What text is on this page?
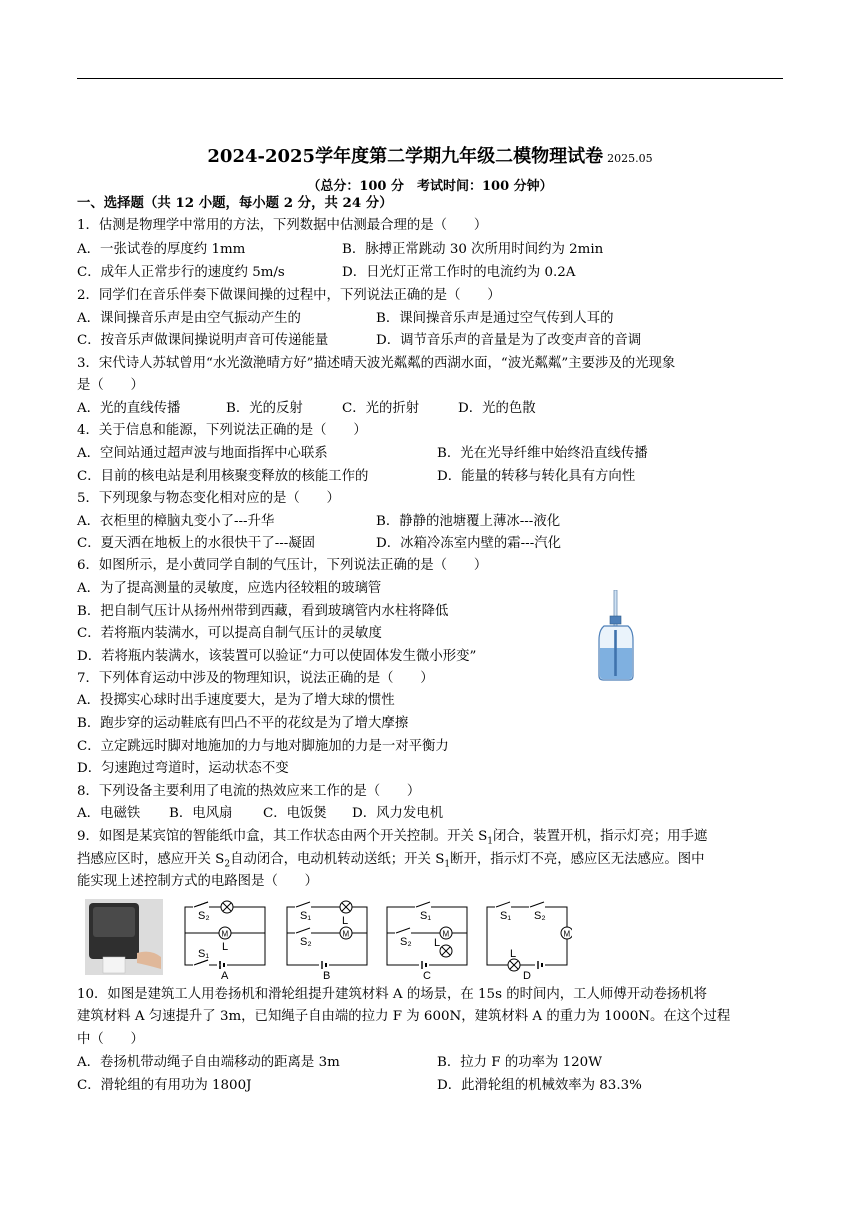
2024-2025学年度第二学期九年级二模物理试卷 2025.05
（总分：100 分　考试时间：100 分钟）
一、选择题（共 12 小题，每小题 2 分，共 24 分）
1．估测是物理学中常用的方法，下列数据中估测最合理的是（　　）
A．一张试卷的厚度约 1mm	B．脉搏正常跳动 30 次所用时间约为 2min
C．成年人正常步行的速度约 5m/s	D．日光灯正常工作时的电流约为 0.2A
2．同学们在音乐伴奏下做课间操的过程中，下列说法正确的是（　　）
A．课间操音乐声是由空气振动产生的	B．课间操音乐声是通过空气传到人耳的
C．按音乐声做课间操说明声音可传递能量	D．调节音乐声的音量是为了改变声音的音调
3．宋代诗人苏轼曾用“水光潋滟晴方好”描述晴天波光粼粼的西湖水面，“波光粼粼”主要涉及的光现象
是（　　）
A．光的直线传播	B．光的反射	C．光的折射	D．光的色散
4．关于信息和能源，下列说法正确的是（　　）
A．空间站通过超声波与地面指挥中心联系	B．光在光导纤维中始终沿直线传播
C．目前的核电站是利用核聚变释放的核能工作的	D．能量的转移与转化具有方向性
5．下列现象与物态变化相对应的是（　　）
A．衣柜里的樟脑丸变小了---升华	B．静静的池塘覆上薄冰---液化
C．夏天洒在地板上的水很快干了---凝固	D．冰箱冷冻室内壁的霜---汽化
6．如图所示，是小黄同学自制的气压计，下列说法正确的是（　　）
A．为了提高测量的灵敏度，应选内径较粗的玻璃管
B．把自制气压计从扬州州带到西藏，看到玻璃管内水柱将降低
C．若将瓶内装满水，可以提高自制气压计的灵敏度
D．若将瓶内装满水，该装置可以验证“力可以使固体发生微小形变”
7．下列体育运动中涉及的物理知识，说法正确的是（　　）
A．投掷实心球时出手速度要大，是为了增大球的惯性
B．跑步穿的运动鞋底有凹凸不平的花纹是为了增大摩擦
C．立定跳远时脚对地施加的力与地对脚施加的力是一对平衡力
D．匀速跑过弯道时，运动状态不变
8．下列设备主要利用了电流的热效应来工作的是（　　）
A．电磁铁 B．电风扇 C．电饭煲 D．风力发电机
9．如图是某宾馆的智能纸巾盒，其工作状态由两个开关控制。开关 $S_1$闭合，装置开机，指示灯亮；用手遮
挡感应区时，感应开关 $S_2$自动闭合，电动机转动送纸；开关 $S_1$断开，指示灯不亮，感应区无法感应。图中
能实现上述控制方式的电路图是（　　）
S₂
L
S₁
M
A
S₁	L
S₂
M
B
S₁
S₂ L
M
C
S₁ S₂
L
M
D
10．如图是建筑工人用卷扬机和滑轮组提升建筑材料 A 的场景，在 15s 的时间内，工人师傅开动卷扬机将
建筑材料 A 匀速提升了 3m，已知绳子自由端的拉力 F 为 600N，建筑材料 A 的重力为 1000N。在这个过程
中（　　）
A．卷扬机带动绳子自由端移动的距离是 3m	B．拉力 F 的功率为 120W
C．滑轮组的有用功为 1800J	D．此滑轮组的机械效率为 83.3%
